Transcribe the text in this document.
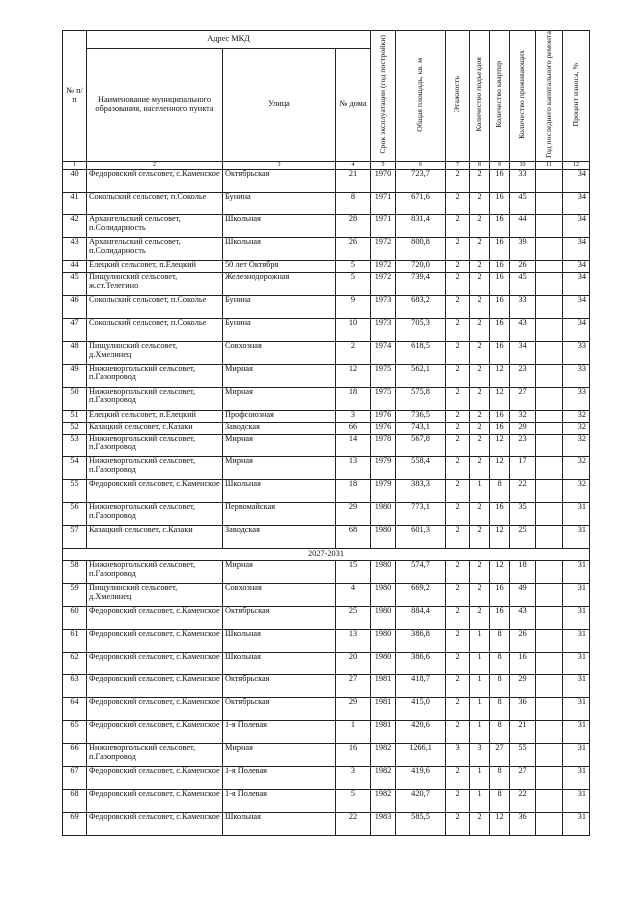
№ п/п	Адрес МКД			Срок эксплуатации (год постройки)	Общая площадь, кв. м	Этажность	Количество подъездов	Количество квартир	Количество проживающих	Год последнего капитального ремонта	Процент износа, %
	Наименование муниципального образования, населенного пункта	Улица	№ дома								
1	2	3	4	5	6	7	8	9	10	11	12
40	Федоровский сельсовет, с.Каменское	Октябрьская	21	1970	723,7	2	2	16	33		34
41	Сокольский сельсовет, п.Соколье	Бунина	8	1971	671,6	2	2	16	45		34
42	Архангельский сельсовет, п.Солидарность	Школьная	28	1971	831,4	2	2	16	44		34
43	Архангельский сельсовет, п.Солидарность	Школьная	26	1972	800,8	2	2	16	39		34
44	Елецкий сельсовет, п.Елецкий	50 лет Октября	5	1972	720,0	2	2	16	26		34
45	Пищулинский сельсовет, ж.ст.Телегино	Железнодорожная	5	1972	739,4	2	2	16	45		34
46	Сокольский сельсовет, п.Соколье	Бунина	9	1973	683,2	2	2	16	33		34
47	Сокольский сельсовет, п.Соколье	Бунина	10	1973	705,3	2	2	16	43		34
48	Пищулинский сельсовет, д.Хмелинец	Совхозная	2	1974	618,5	2	2	16	34		33
49	Нижневоргольский сельсовет, п.Газопровод	Мирная	12	1975	562,1	2	2	12	23		33
50	Нижневоргольский сельсовет, п.Газопровод	Мирная	18	1975	575,8	2	2	12	27		33
51	Елецкий сельсовет, п.Елецкий	Профсоюзная	3	1976	736,5	2	2	16	32		32
52	Казацкий сельсовет, с.Казаки	Заводская	66	1976	743,1	2	2	16	29		32
53	Нижневоргольский сельсовет, п.Газопровод	Мирная	14	1978	567,8	2	2	12	23		32
54	Нижневоргольский сельсовет, п.Газопровод	Мирная	13	1979	558,4	2	2	12	17		32
55	Федоровский сельсовет, с.Каменское	Школьная	18	1979	383,3	2	1	8	22		32
56	Нижневоргольский сельсовет, п.Газопровод	Первомайская	29	1980	773,1	2	2	16	35		31
57	Казацкий сельсовет, с.Казаки	Заводская	68	1980	601,3	2	2	12	25		31
2027-2031											
58	Нижневоргольский сельсовет, п.Газопровод	Мирная	15	1980	574,7	2	2	12	18		31
59	Пищулинский сельсовет, д.Хмелинец	Совхозная	4	1980	669,2	2	2	16	49		31
60	Федоровский сельсовет, с.Каменское	Октябрьская	25	1980	884,4	2	2	16	43		31
61	Федоровский сельсовет, с.Каменское	Школьная	13	1980	386,8	2	1	8	26		31
62	Федоровский сельсовет, с.Каменское	Школьная	20	1980	386,6	2	1	8	16		31
63	Федоровский сельсовет, с.Каменское	Октябрьская	27	1981	418,7	2	1	8	29		31
64	Федоровский сельсовет, с.Каменское	Октябрьская	29	1981	415,0	2	1	8	36		31
65	Федоровский сельсовет, с.Каменское	1-я Полевая	1	1981	420,6	2	1	8	21		31
66	Нижневоргольский сельсовет, п.Газопровод	Мирная	16	1982	1266,1	3	3	27	55		31
67	Федоровский сельсовет, с.Каменское	1-я Полевая	3	1982	419,6	2	1	8	27		31
68	Федоровский сельсовет, с.Каменское	1-я Полевая	5	1982	420,7	2	1	8	22		31
69	Федоровский сельсовет, с.Каменское	Школьная	22	1983	585,5	2	2	12	36		31
